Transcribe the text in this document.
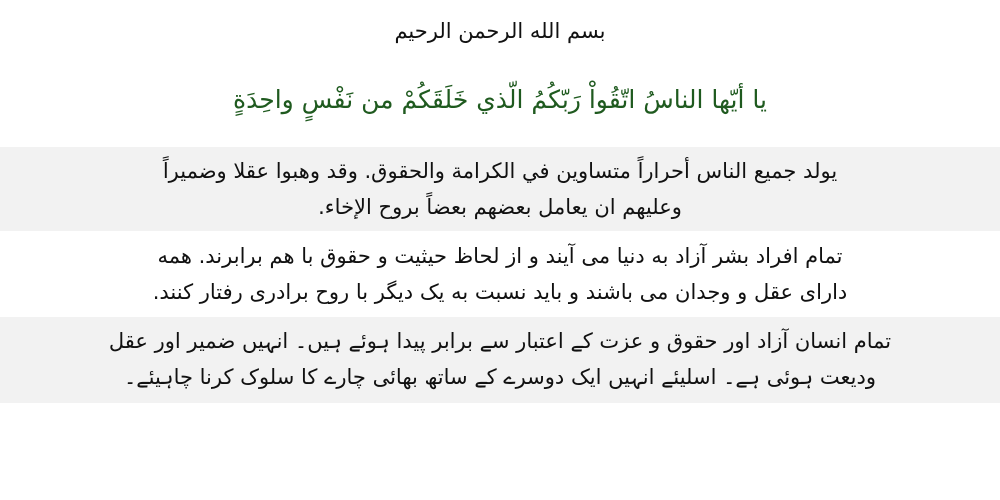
بسم الله الرحمن الرحيم
يا أيّها الناسُ اتّقُواْ رَبّكُمُ الّذي خَلَقَكُمْ من نَفْسٍ واحِدَةٍ
يولد جميع الناس أحراراً متساوين في الكرامة والحقوق. وقد وهبوا عقلا وضميراً
وعليهم ان يعامل بعضهم بعضاً بروح الإخاء.
تمام افراد بشر آزاد به دنيا می آيند و از لحاظ حيثيت و حقوق با هم برابرند. همه
دارای عقل و وجدان می باشند و بايد نسبت به يک ديگر با روح برادری رفتار کنند.
تمام انسان آزاد اور حقوق و عزت کے اعتبار سے برابر پیدا ہوئے ہیں۔ انہیں ضمیر اور عقل
ودیعت ہوئی ہے۔ اسلیئے انہیں ایک دوسرے کے ساتھ بھائی چارے کا سلوک کرنا چاہیئے۔
